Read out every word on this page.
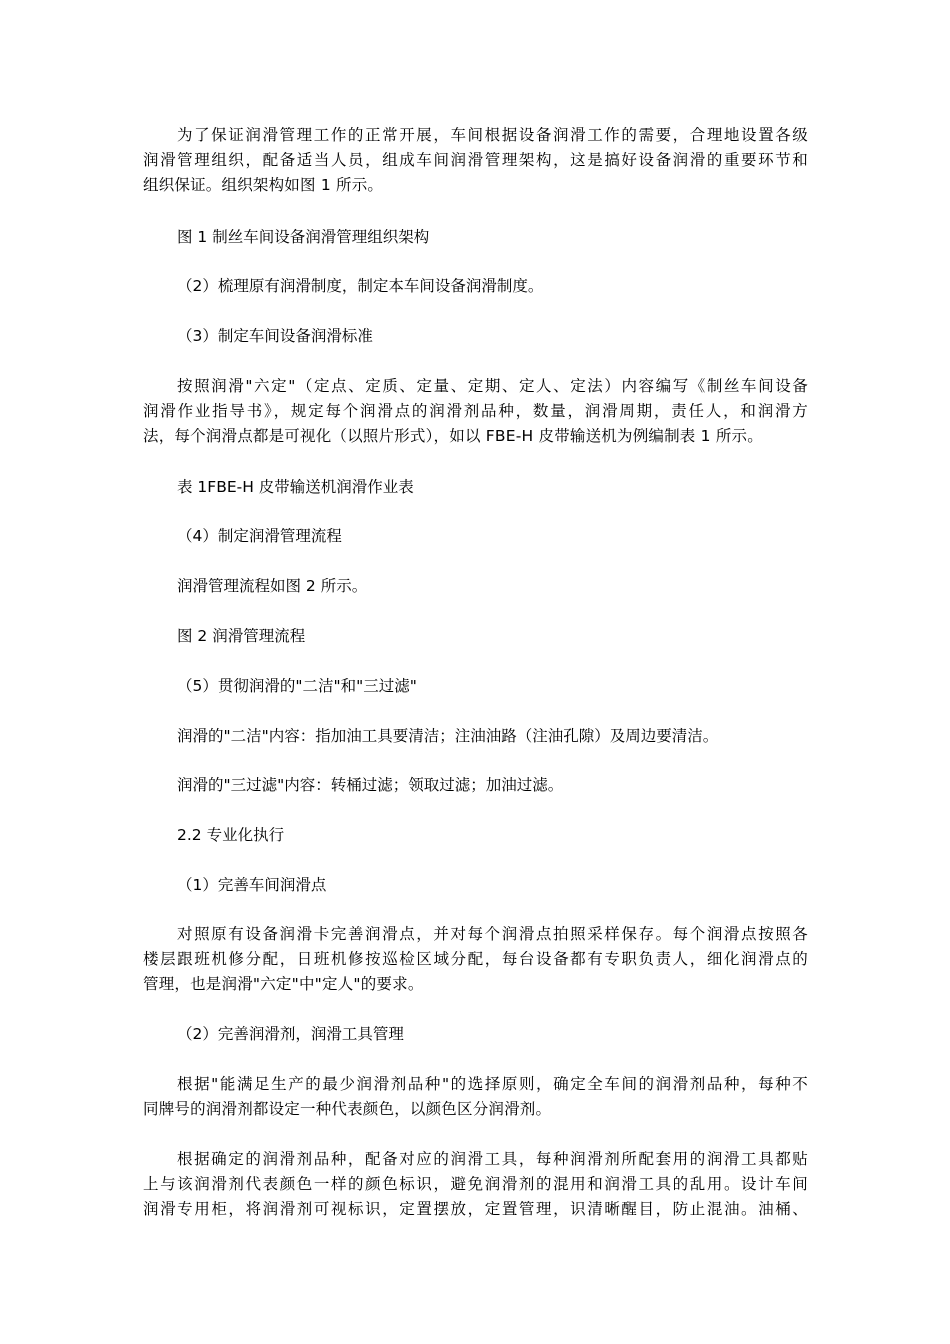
为了保证润滑管理工作的正常开展，车间根据设备润滑工作的需要，合理地设置各级
润滑管理组织，配备适当人员，组成车间润滑管理架构，这是搞好设备润滑的重要环节和
组织保证。组织架构如图 1 所示。
图 1 制丝车间设备润滑管理组织架构
（2）梳理原有润滑制度，制定本车间设备润滑制度。
（3）制定车间设备润滑标准
按照润滑"六定"（定点、定质、定量、定期、定人、定法）内容编写《制丝车间设备
润滑作业指导书》，规定每个润滑点的润滑剂品种，数量，润滑周期，责任人，和润滑方
法，每个润滑点都是可视化（以照片形式），如以 FBE-H 皮带输送机为例编制表 1 所示。
表 1FBE-H 皮带输送机润滑作业表
（4）制定润滑管理流程
润滑管理流程如图 2 所示。
图 2 润滑管理流程
（5）贯彻润滑的"二洁"和"三过滤"
润滑的"二洁"内容：指加油工具要清洁；注油油路（注油孔隙）及周边要清洁。
润滑的"三过滤"内容：转桶过滤；领取过滤；加油过滤。
2.2 专业化执行
（1）完善车间润滑点
对照原有设备润滑卡完善润滑点，并对每个润滑点拍照采样保存。每个润滑点按照各
楼层跟班机修分配，日班机修按巡检区域分配，每台设备都有专职负责人，细化润滑点的
管理，也是润滑"六定"中"定人"的要求。
（2）完善润滑剂，润滑工具管理
根据"能满足生产的最少润滑剂品种"的选择原则，确定全车间的润滑剂品种，每种不
同牌号的润滑剂都设定一种代表颜色，以颜色区分润滑剂。
根据确定的润滑剂品种，配备对应的润滑工具，每种润滑剂所配套用的润滑工具都贴
上与该润滑剂代表颜色一样的颜色标识，避免润滑剂的混用和润滑工具的乱用。设计车间
润滑专用柜，将润滑剂可视标识，定置摆放，定置管理，识清晰醒目，防止混油。油桶、
